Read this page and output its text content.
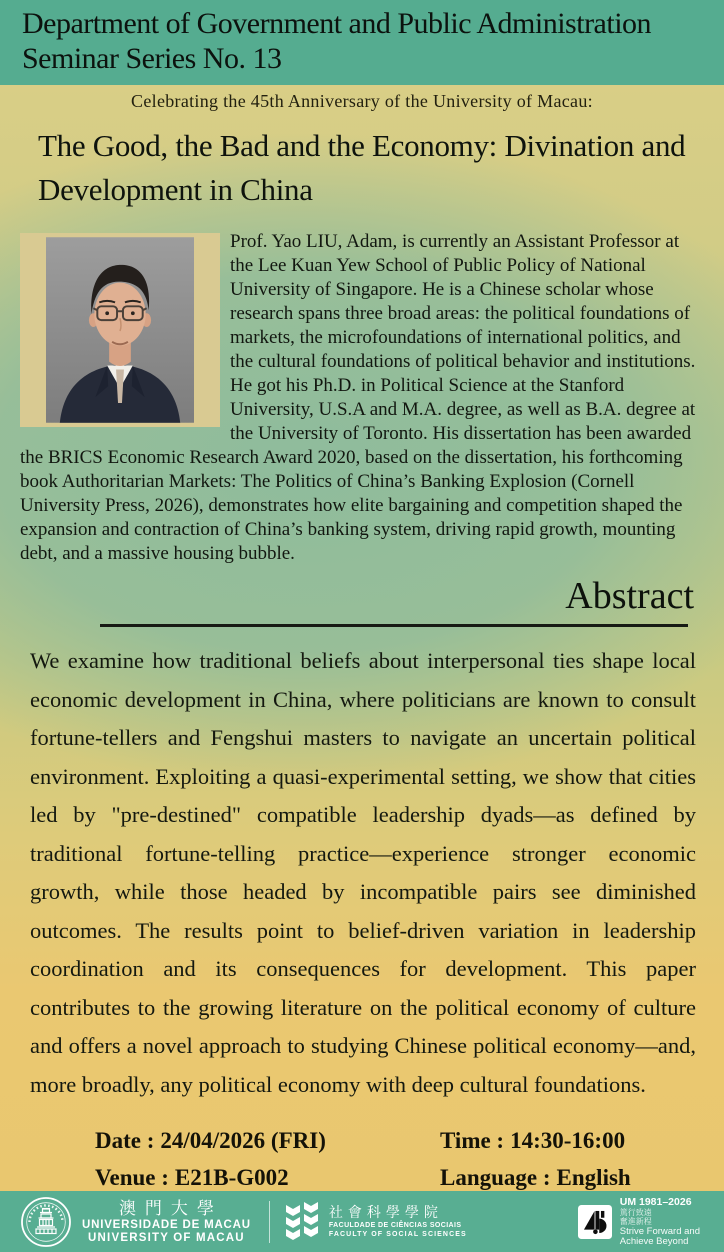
Department of Government and Public Administration
Seminar Series No. 13
Celebrating the 45th Anniversary of the University of Macau:
The Good, the Bad and the Economy: Divination and Development in China
Prof. Yao LIU, Adam, is currently an Assistant Professor at the Lee Kuan Yew School of Public Policy of National University of Singapore. He is a Chinese scholar whose research spans three broad areas: the political foundations of markets, the microfoundations of international politics, and the cultural foundations of political behavior and institutions. He got his Ph.D. in Political Science at the Stanford University, U.S.A and M.A. degree, as well as B.A. degree at the University of Toronto. His dissertation has been awarded the BRICS Economic Research Award 2020, based on the dissertation, his forthcoming book Authoritarian Markets: The Politics of China’s Banking Explosion (Cornell University Press, 2026), demonstrates how elite bargaining and competition shaped the expansion and contraction of China’s banking system, driving rapid growth, mounting debt, and a massive housing bubble.
Abstract
We examine how traditional beliefs about interpersonal ties shape local economic development in China, where politicians are known to consult fortune-tellers and Fengshui masters to navigate an uncertain political environment. Exploiting a quasi-experimental setting, we show that cities led by "pre-destined" compatible leadership dyads—as defined by traditional fortune-telling practice—experience stronger economic growth, while those headed by incompatible pairs see diminished outcomes. The results point to belief-driven variation in leadership coordination and its consequences for development. This paper contributes to the growing literature on the political economy of culture and offers a novel approach to studying Chinese political economy—and, more broadly, any political economy with deep cultural foundations.
Date : 24/04/2026 (FRI)	Time : 14:30-16:00
Venue : E21B-G002	Language : English
澳門大學
UNIVERSIDADE DE MACAU
UNIVERSITY OF MACAU
社會科學學院
FACULDADE DE CIÊNCIAS SOCIAIS
FACULTY OF SOCIAL SCIENCES
UM 1981–2026
篤行致遠
奮進新程
Strive Forward and
Achieve Beyond
